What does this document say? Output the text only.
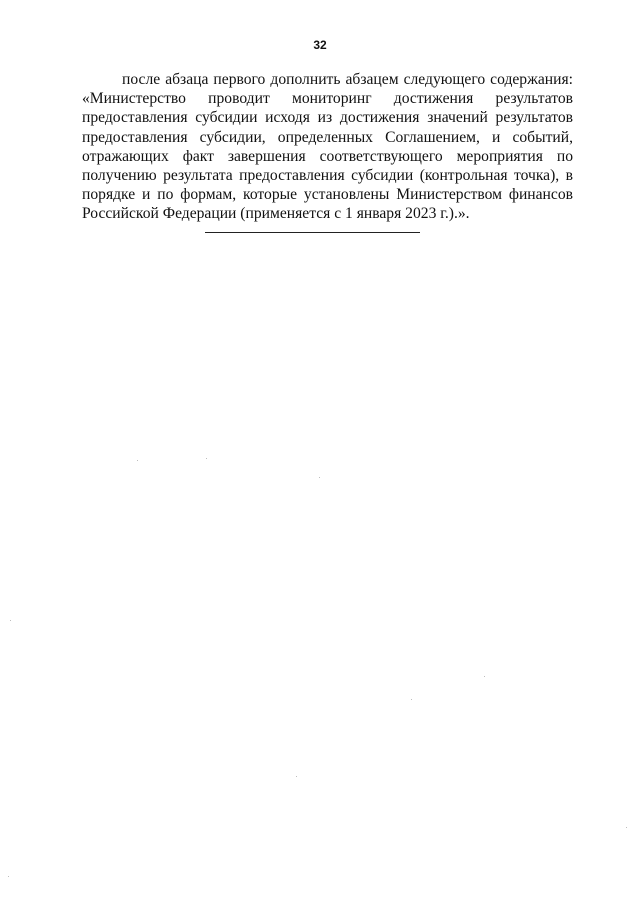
32
после абзаца первого дополнить абзацем следующего содержания:
«Министерство проводит мониторинг достижения результатов
предоставления субсидии исходя из достижения значений результатов
предоставления субсидии, определенных Соглашением, и событий,
отражающих факт завершения соответствующего мероприятия по
получению результата предоставления субсидии (контрольная точка), в
порядке и по формам, которые установлены Министерством финансов
Российской Федерации (применяется с 1 января 2023 г.).».
